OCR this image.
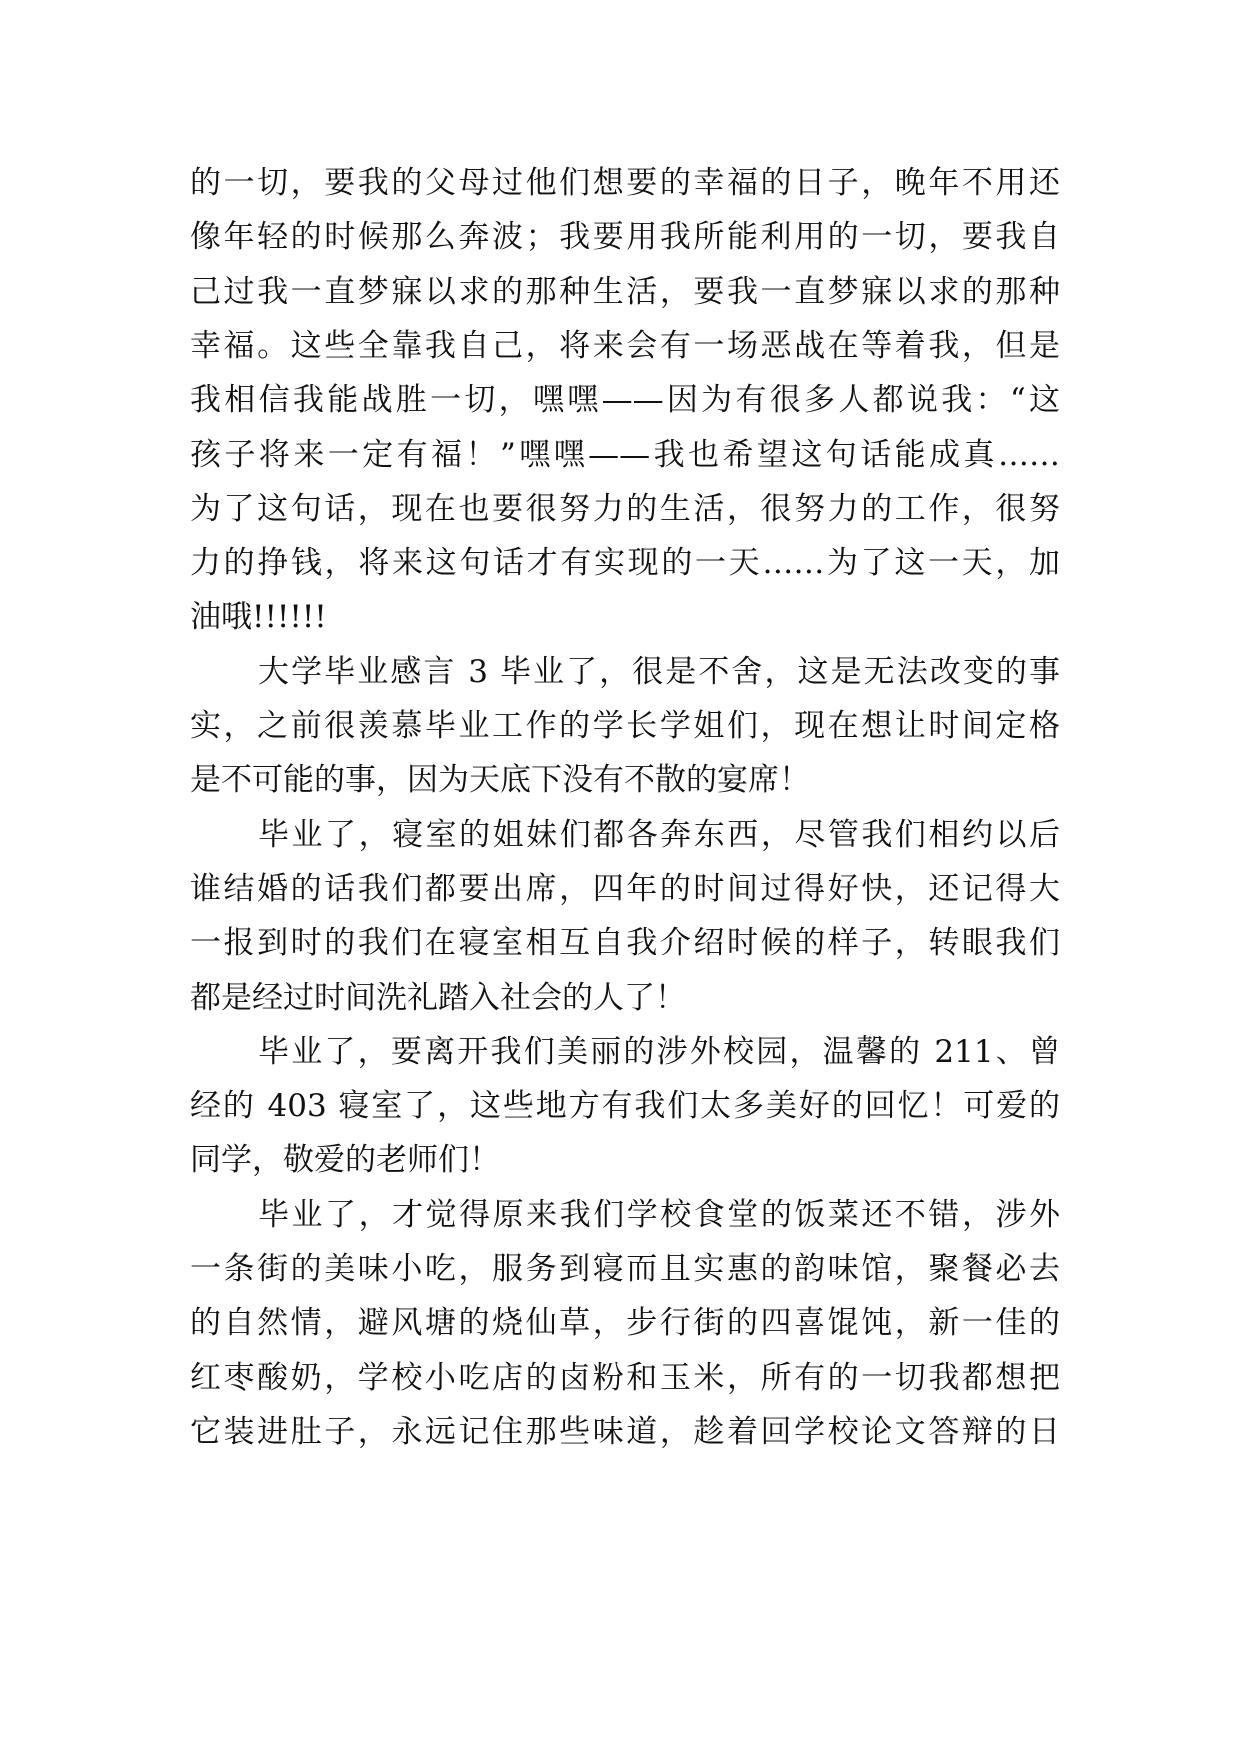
的一切，要我的父母过他们想要的幸福的日子，晚年不用还
像年轻的时候那么奔波；我要用我所能利用的一切，要我自
己过我一直梦寐以求的那种生活，要我一直梦寐以求的那种
幸福。这些全靠我自己，将来会有一场恶战在等着我，但是
我相信我能战胜一切，嘿嘿——因为有很多人都说我：“这
孩子将来一定有福！”嘿嘿——我也希望这句话能成真……
为了这句话，现在也要很努力的生活，很努力的工作，很努
力的挣钱，将来这句话才有实现的一天……为了这一天，加
油哦!!!!!!
大学毕业感言 3 毕业了，很是不舍，这是无法改变的事
实，之前很羡慕毕业工作的学长学姐们，现在想让时间定格
是不可能的事，因为天底下没有不散的宴席！
毕业了，寝室的姐妹们都各奔东西，尽管我们相约以后
谁结婚的话我们都要出席，四年的时间过得好快，还记得大
一报到时的我们在寝室相互自我介绍时候的样子，转眼我们
都是经过时间洗礼踏入社会的人了！
毕业了，要离开我们美丽的涉外校园，温馨的 211、曾
经的 403 寝室了，这些地方有我们太多美好的回忆！可爱的
同学，敬爱的老师们！
毕业了，才觉得原来我们学校食堂的饭菜还不错，涉外
一条街的美味小吃，服务到寝而且实惠的韵味馆，聚餐必去
的自然情，避风塘的烧仙草，步行街的四喜馄饨，新一佳的
红枣酸奶，学校小吃店的卤粉和玉米，所有的一切我都想把
它装进肚子，永远记住那些味道，趁着回学校论文答辩的日
